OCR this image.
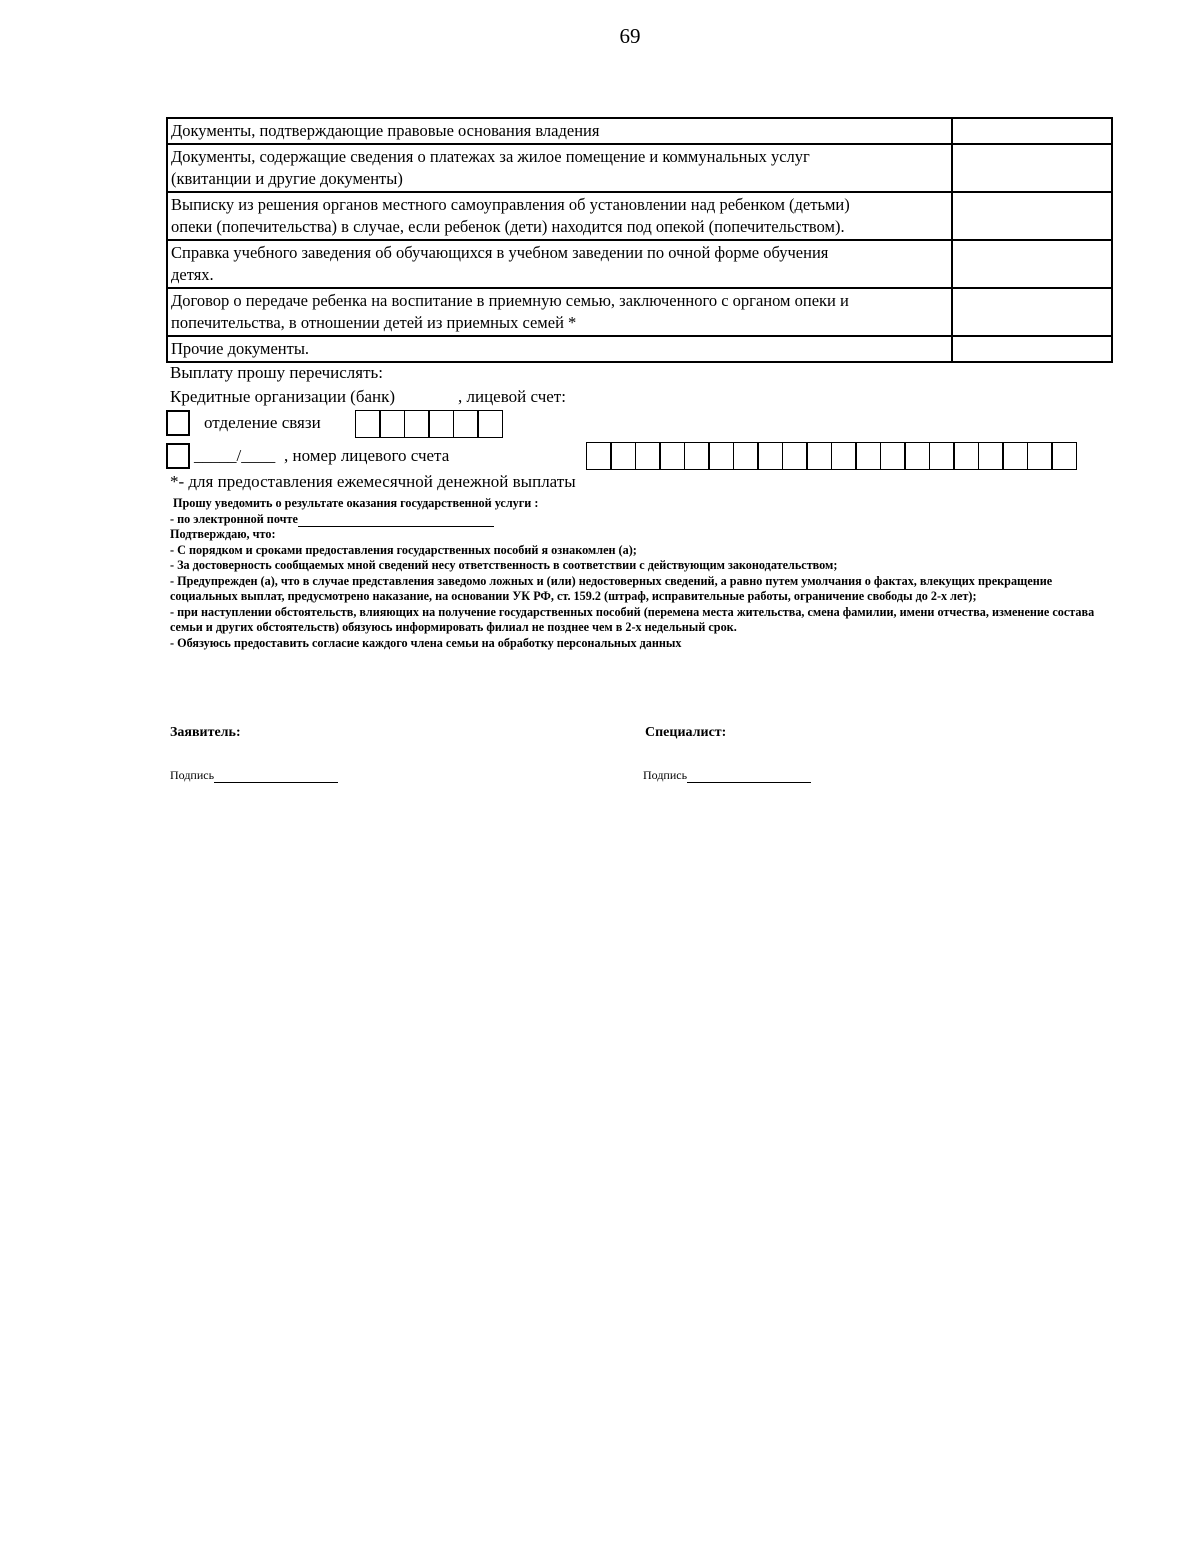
69
Документы, подтверждающие правовые основания владения	

Документы, содержащие сведения о платежах за жилое помещение и коммунальных услуг
(квитанции и другие документы)	

Выписку из решения органов местного самоуправления об установлении над ребенком (детьми)
опеки (попечительства) в случае, если ребенок (дети) находится под опекой (попечительством).	

Справка учебного заведения об обучающихся в учебном заведении по очной форме обучения
детях.	

Договор о передаче ребенка на воспитание в приемную семью, заключенного с органом опеки и
попечительства, в отношении детей из приемных семей *	

Прочие документы.	

Выплату прошу перечислять:
Кредитные организации (банк)	, лицевой счет:
отделение связи
_____/____ , номер лицевого счета
*- для предоставления ежемесячной денежной выплаты
Прошу уведомить о результате оказания государственной услуги :
- по электронной почте
Подтверждаю, что:
- С порядком и сроками предоставления государственных пособий я ознакомлен (а);
- За достоверность сообщаемых мной сведений несу ответственность в соответствии с действующим законодательством;
- Предупрежден (а), что в случае представления заведомо ложных и (или) недостоверных сведений, а равно путем умолчания о фактах, влекущих прекращение социальных выплат, предусмотрено наказание, на основании УК РФ, ст. 159.2 (штраф, исправительные работы, ограничение свободы до 2-х лет);
- при наступлении обстоятельств, влияющих на получение государственных пособий (перемена места жительства, смена фамилии, имени отчества, изменение состава семьи и других обстоятельств) обязуюсь информировать филиал не позднее чем в 2-х недельный срок.
- Обязуюсь предоставить согласие каждого члена семьи на обработку персональных данных
Заявитель:	Специалист:
Подпись	Подпись
